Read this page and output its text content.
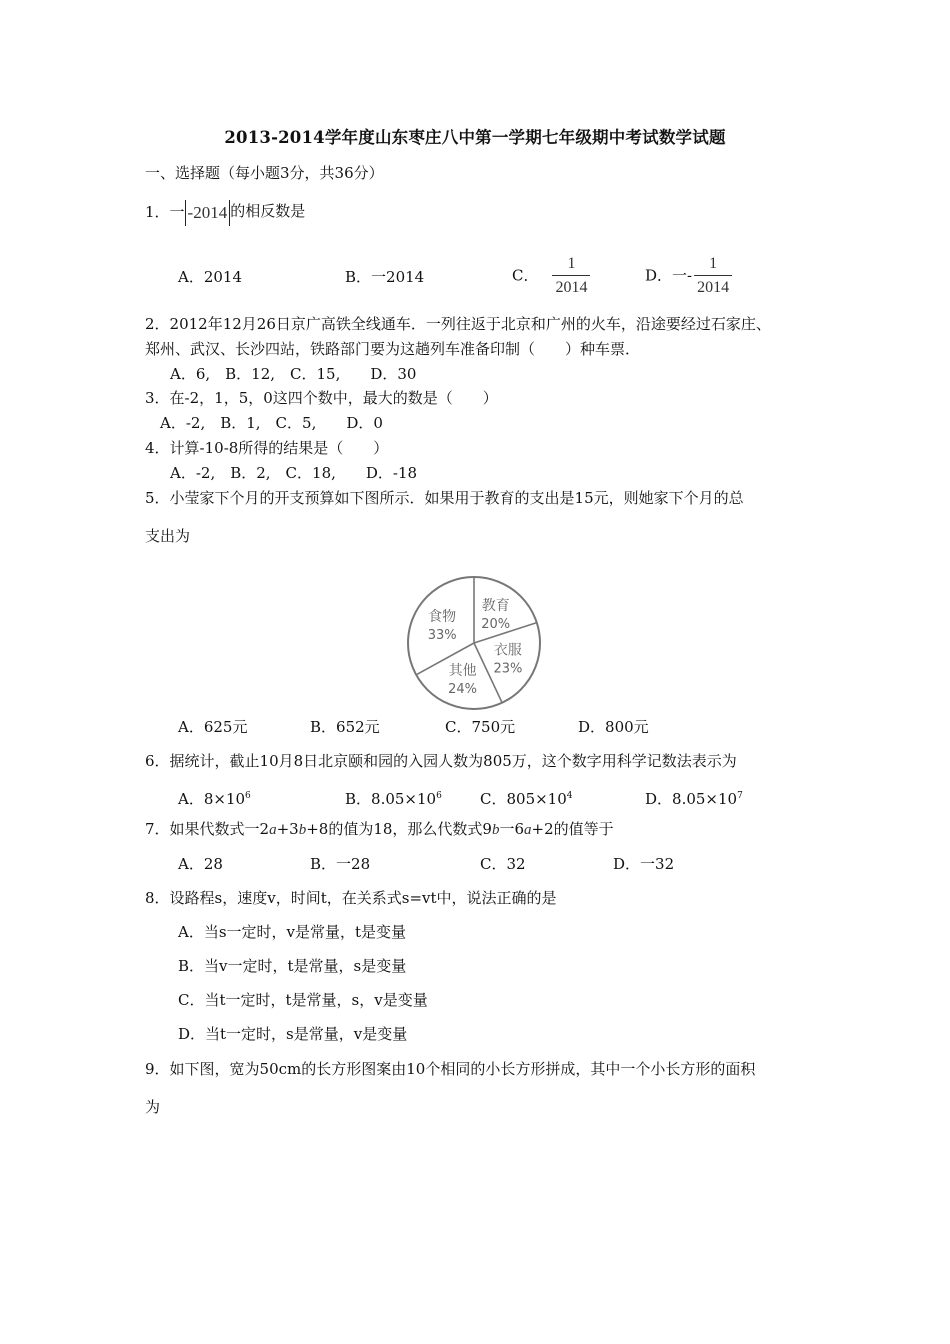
2013-2014学年度山东枣庄八中第一学期七年级期中考试数学试题
一、选择题（每小题3分，共36分）
1．一 -2014 的相反数是
A．2014	B．一2014	C． $\frac{1}{2014}$	D．一- $\frac{1}{2014}$
2．2012年12月26日京广高铁全线通车．一列往返于北京和广州的火车，沿途要经过石家庄、
郑州、武汉、长沙四站，铁路部门要为这趟列车准备印制（　　）种车票．
A．6,　B．12,　C．15,　　D．30
3．在-2，1，5，0这四个数中，最大的数是（　　）
A．-2,　B．1,　C．5,　　D．0
4．计算-10-8所得的结果是（　　）
A．-2,　B．2,　C．18,　　D．-18
5．小莹家下个月的开支预算如下图所示．如果用于教育的支出是15元，则她家下个月的总
支出为
教育
20%
衣服
23%
其他
24%
食物
33%
A．625元	B．652元	C．750元	D．800元
6．据统计，截止10月8日北京颐和园的入园人数为805万，这个数字用科学记数法表示为
A．$8\times 10^6$	B．$8.05\times 10^6$	C．$805\times 10^4$	D．$8.05\times 10^7$
7．如果代数式一2a+3b+8的值为18，那么代数式9b一6a+2的值等于
A．28	B．一28	C．32	D．一32
8．设路程s，速度v，时间t，在关系式s=vt中，说法正确的是
A．当s一定时，v是常量，t是变量
B．当v一定时，t是常量，s是变量
C．当t一定时，t是常量，s，v是变量
D．当t一定时，s是常量，v是变量
9．如下图，宽为50cm的长方形图案由10个相同的小长方形拼成，其中一个小长方形的面积
为
